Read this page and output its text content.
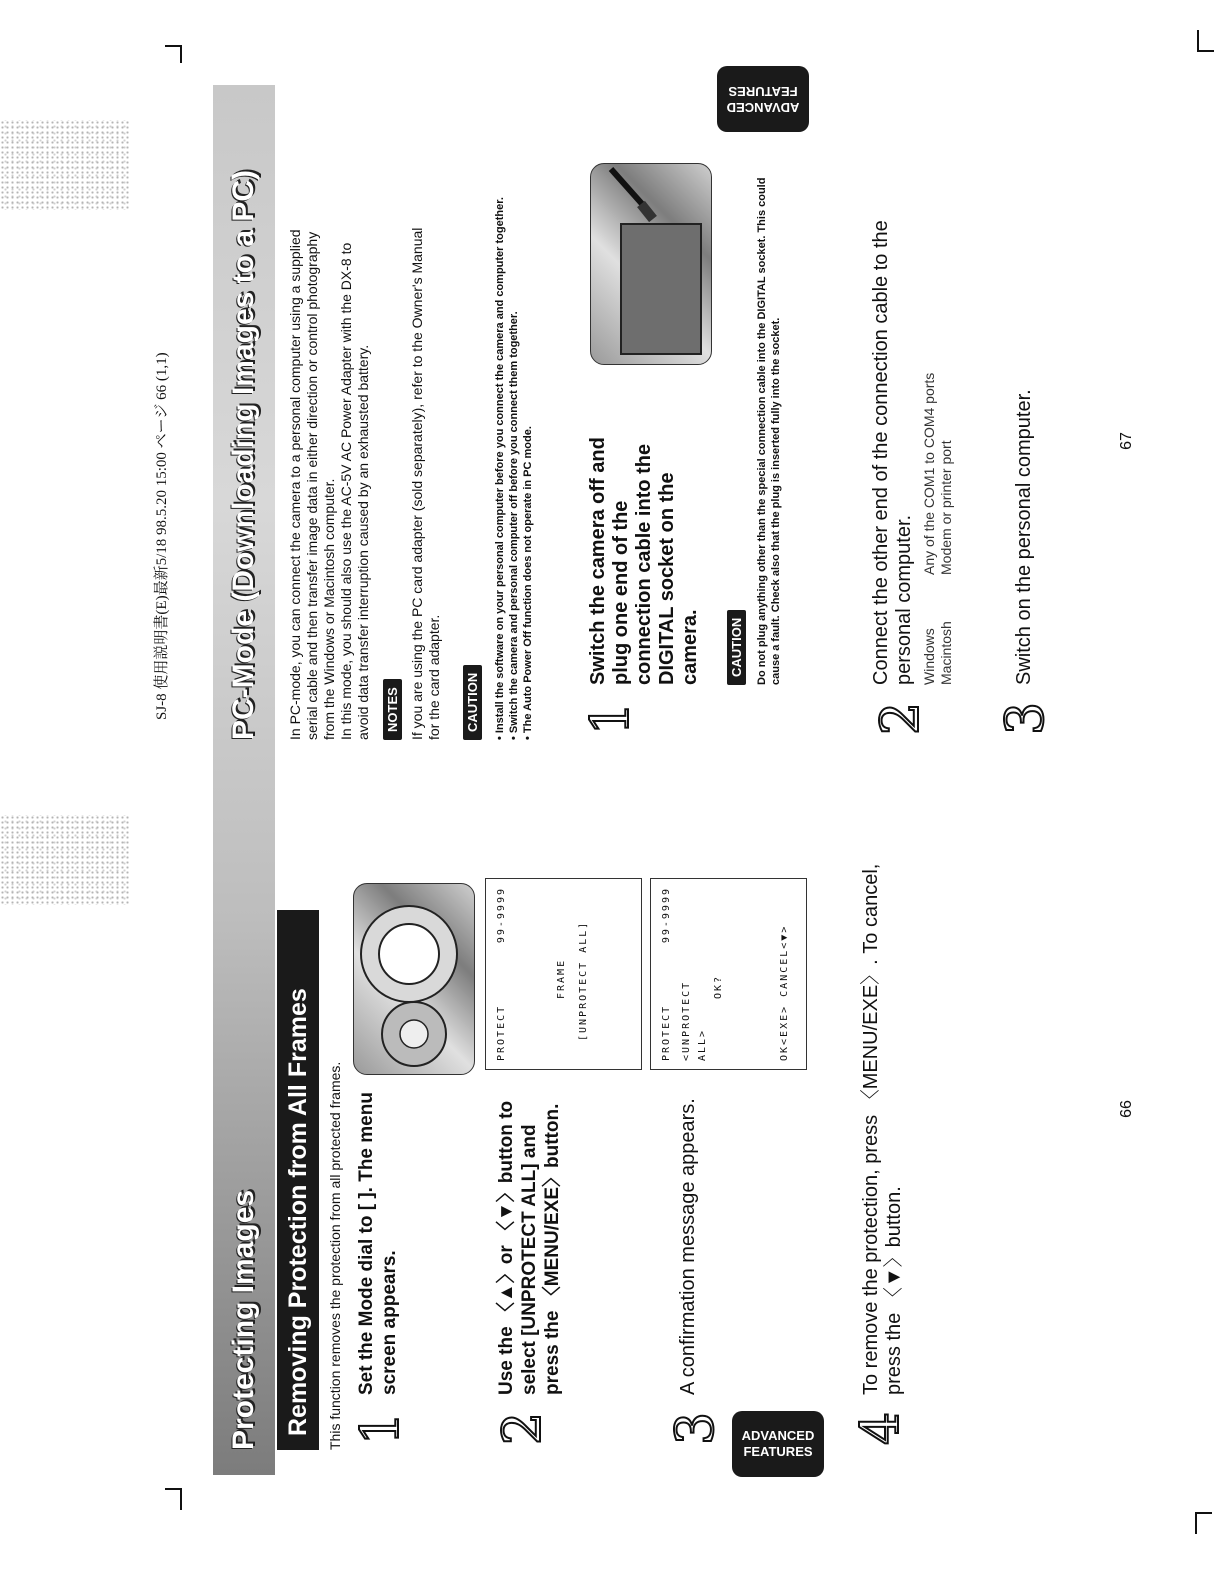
SJ-8 使用説明書(E)最新5/18 98.5.20 15:00 ページ 66 (1,1)
66
67
Protecting Images
PC-Mode (Downloading Images to a PC)
Removing Protection from All Frames	This function removes the protection from all protected frames. 1
Set the Mode dial to [ ]. The menu screen appears.
2
Use the 〈▲〉or 〈▼〉button to select [UNPROTECT ALL] and press the 〈MENU/EXE〉button.
PROTECT
99-9999
FRAME [UNPROTECT ALL]
3
A confirmation message appears.
PROTECT
99-9999
<UNPROTECT ALL>
OK?	OK<EXE> CANCEL<▼>
4
To remove the protection, press 〈MENU/EXE〉. To cancel, press the 〈▼〉button.
ADVANCED FEATURES
In PC-mode, you can connect the camera to a personal computer using a supplied serial cable and then transfer image data in either direction or control photography from the Windows or Macintosh computer. In this mode, you should also use the AC-5V AC Power Adapter with the DX-8 to avoid data transfer interruption caused by an exhausted battery. NOTES If you are using the PC card adapter (sold separately), refer to the Owner's Manual for the card adapter. CAUTION • Install the software on your personal computer before you connect the camera and computer together. • Switch the camera and personal computer off before you connect them together. • The Auto Power Off function does not operate in PC mode. 1
Switch the camera off and plug one end of the connection cable into the DIGITAL socket on the camera. CAUTION Do not plug anything other than the special connection cable into the DIGITAL socket. This could cause a fault. Check also that the plug is inserted fully into the socket.
2
Connect the other end of the connection cable to the personal computer. WindowsAny of the COM1 to COM4 ports
MacintoshModem or printer port
3
Switch on the personal computer.
ADVANCED FEATURES
